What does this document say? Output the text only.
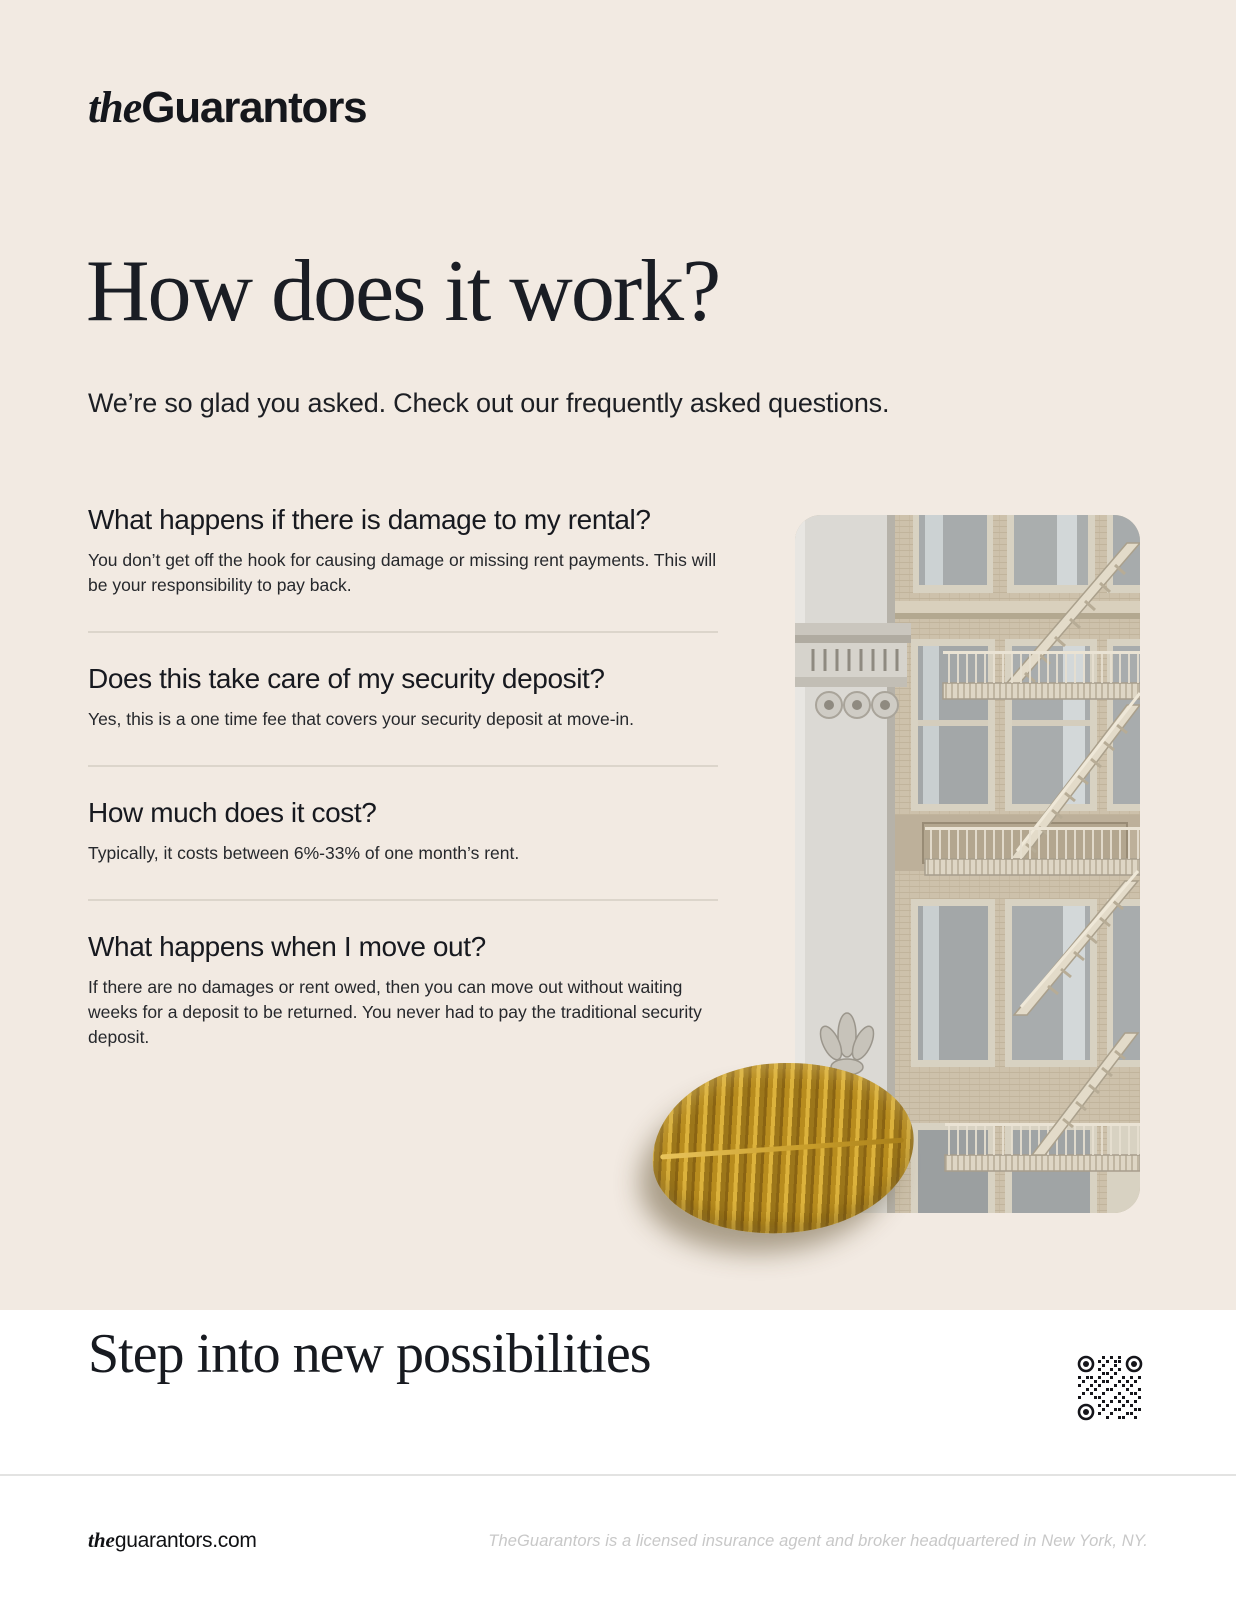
theGuarantors
How does it work?

We’re so glad you asked. Check out our frequently asked questions.

What happens if there is damage to my rental?
You don’t get off the hook for causing damage or missing rent payments. This will be your responsibility to pay back.
Does this take care of my security deposit?
Yes, this is a one time fee that covers your security deposit at move-in.
How much does it cost?
Typically, it costs between 6%-33% of one month’s rent.
What happens when I move out?
If there are no damages or rent owed, then you can move out without waiting weeks for a deposit to be returned. You never had to pay the traditional security deposit.
Step into new possibilities
theguarantors.com	TheGuarantors is a licensed insurance agent and broker headquartered in New York, NY.
